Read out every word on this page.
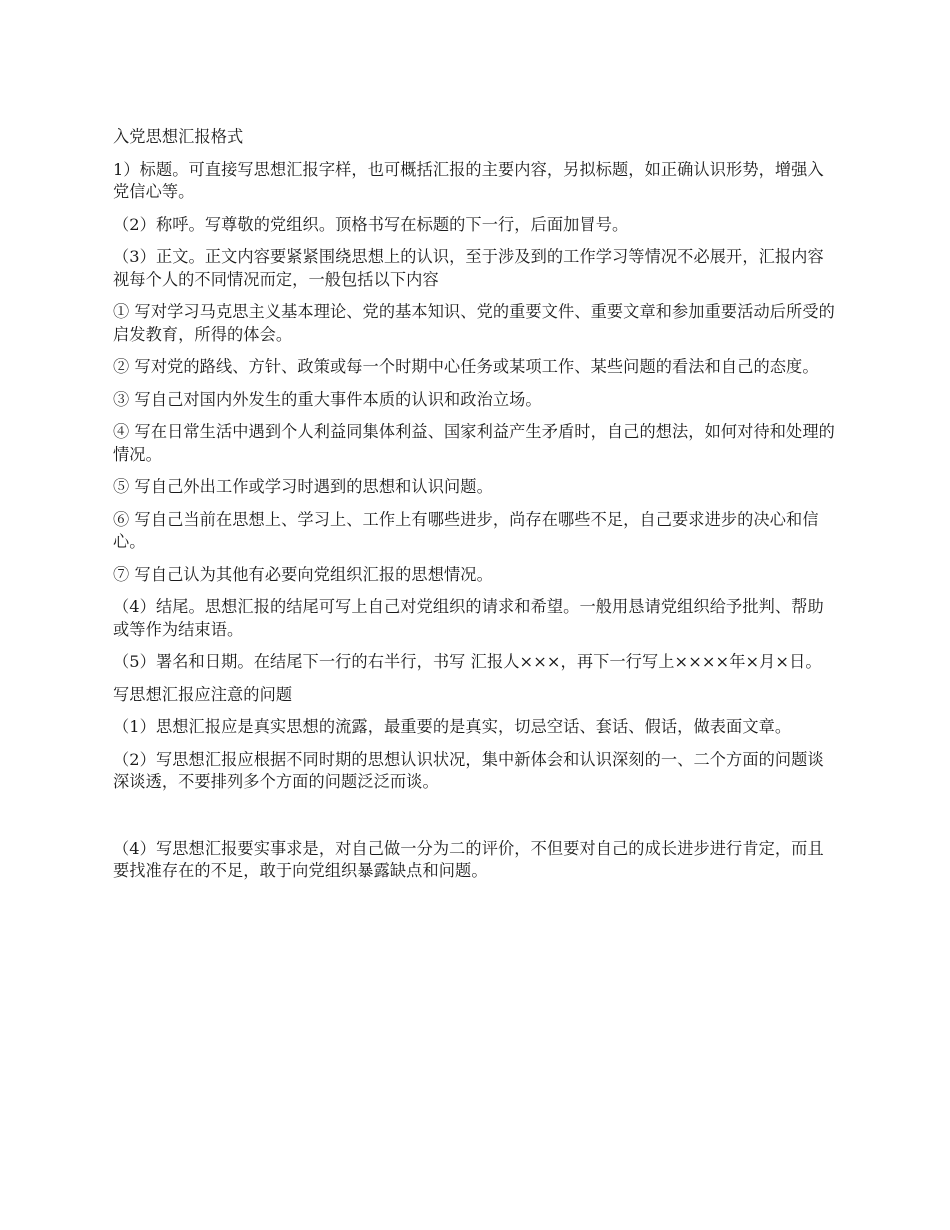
入党思想汇报格式

1）标题。可直接写思想汇报字样，也可概括汇报的主要内容，另拟标题，如正确认识形势，增强入党信心等。

（2）称呼。写尊敬的党组织。顶格书写在标题的下一行，后面加冒号。

（3）正文。正文内容要紧紧围绕思想上的认识，至于涉及到的工作学习等情况不必展开，汇报内容视每个人的不同情况而定，一般包括以下内容

① 写对学习马克思主义基本理论、党的基本知识、党的重要文件、重要文章和参加重要活动后所受的启发教育，所得的体会。

② 写对党的路线、方针、政策或每一个时期中心任务或某项工作、某些问题的看法和自己的态度。

③ 写自己对国内外发生的重大事件本质的认识和政治立场。

④ 写在日常生活中遇到个人利益同集体利益、国家利益产生矛盾时，自己的想法，如何对待和处理的情况。

⑤ 写自己外出工作或学习时遇到的思想和认识问题。

⑥ 写自己当前在思想上、学习上、工作上有哪些进步，尚存在哪些不足，自己要求进步的决心和信心。

⑦ 写自己认为其他有必要向党组织汇报的思想情况。

（4）结尾。思想汇报的结尾可写上自己对党组织的请求和希望。一般用恳请党组织给予批判、帮助或等作为结束语。

（5）署名和日期。在结尾下一行的右半行，书写 汇报人×××，再下一行写上××××年×月×日。

写思想汇报应注意的问题

（1）思想汇报应是真实思想的流露，最重要的是真实，切忌空话、套话、假话，做表面文章。

（2）写思想汇报应根据不同时期的思想认识状况，集中新体会和认识深刻的一、二个方面的问题谈深谈透，不要排列多个方面的问题泛泛而谈。

（4）写思想汇报要实事求是，对自己做一分为二的评价，不但要对自己的成长进步进行肯定，而且要找准存在的不足，敢于向党组织暴露缺点和问题。
